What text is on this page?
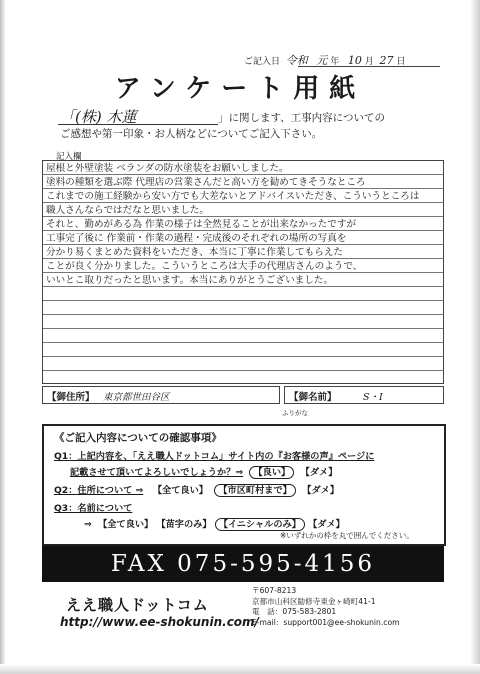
ご記入日 令和 元 年 10 月 27 日
アンケート用紙
「(株) 木蓮	」に関します、工事内容についての
ご感想や第一印象・お人柄などについてご記入下さい。
記入欄
屋根と外壁塗装 ベランダの防水塗装をお願いしました。
塗料の種類を選ぶ際 代理店の営業さんだと高い方を勧めてきそうなところ
これまでの施工経験から安い方でも大差ないとアドバイスいただき、こういうところは
職人さんならではだなと思いました。
それと、勤めがある為 作業の様子は全然見ることが出来なかったですが
工事完了後に 作業前・作業の過程・完成後のそれぞれの場所の写真を
分かり易くまとめた資料をいただき、本当に丁寧に作業してもらえた
ことが良く分かりました。こういうところは大手の代理店さんのようで、
いいとこ取りだったと思います。本当にありがとうございました。
【御住所】 東京都世田谷区	【御名前】	S・I
ふりがな
《ご記入内容についての確認事項》
Q1：上記内容を、「ええ職人ドットコム」サイト内の『お客様の声』ページに
記載させて頂いてよろしいでしょうか？⇒ 【良い】 【ダメ】
Q2：住所について ⇒ 【全て良い】 【市区町村まで】 【ダメ】
Q3：名前について
⇒ 【全て良い】 【苗字のみ】 【イニシャルのみ】 【ダメ】
※いずれかの枠を丸で囲んでください。
FAX 075-595-4156
ええ職人ドットコム
http://www.ee-shokunin.com/
〒607-8213
京都市山科区勧修寺東金ヶ崎町41-1
電　話：075-583-2801
E-mail：support001@ee-shokunin.com
